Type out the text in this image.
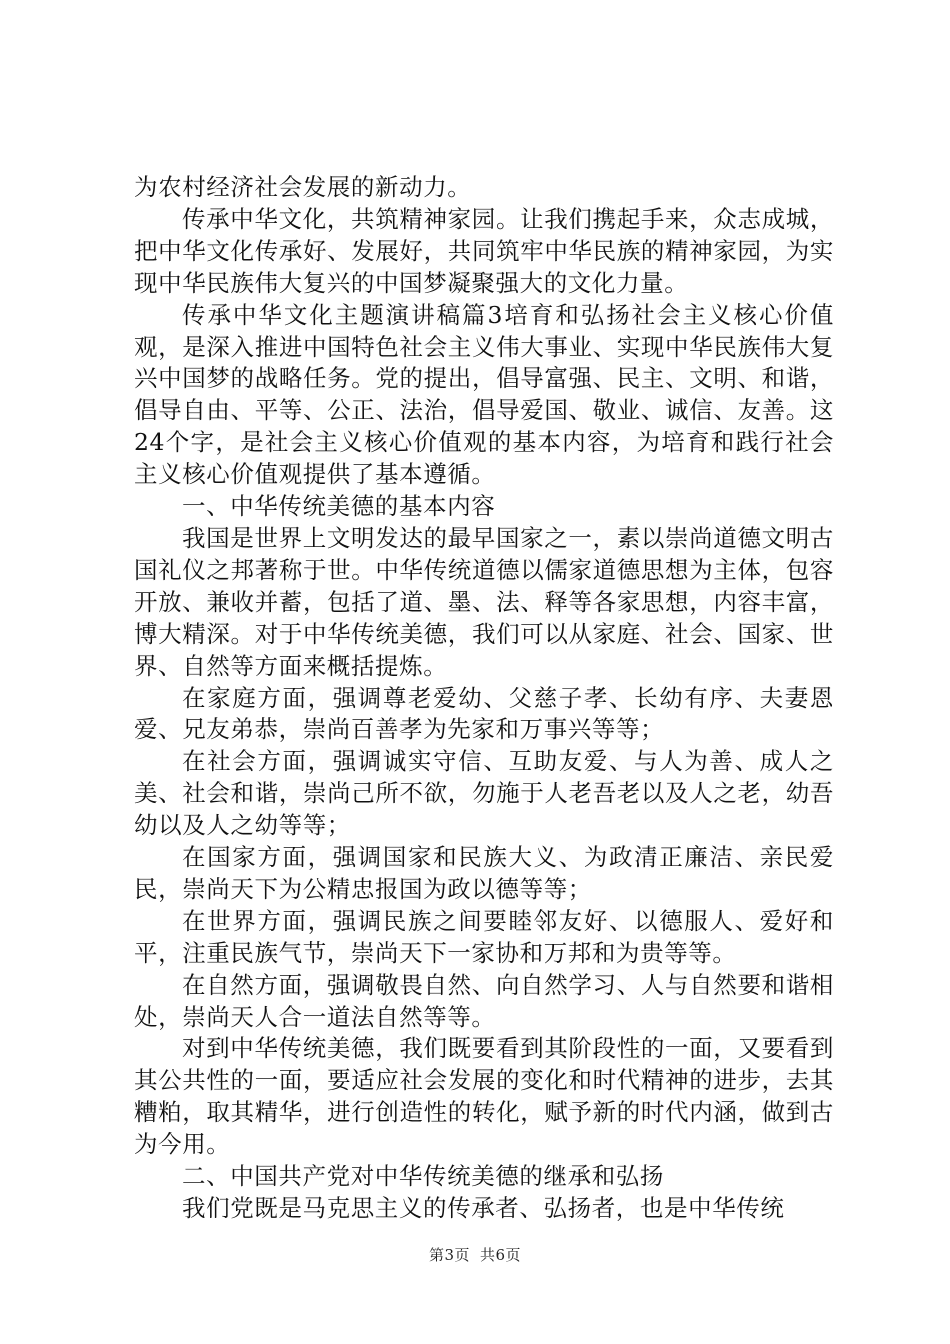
为农村经济社会发展的新动力。

传承中华文化，共筑精神家园。让我们携起手来，众志成城，把中华文化传承好、发展好，共同筑牢中华民族的精神家园，为实现中华民族伟大复兴的中国梦凝聚强大的文化力量。

传承中华文化主题演讲稿篇3培育和弘扬社会主义核心价值观，是深入推进中国特色社会主义伟大事业、实现中华民族伟大复兴中国梦的战略任务。党的提出，倡导富强、民主、文明、和谐，倡导自由、平等、公正、法治，倡导爱国、敬业、诚信、友善。这24个字，是社会主义核心价值观的基本内容，为培育和践行社会主义核心价值观提供了基本遵循。

一、中华传统美德的基本内容

我国是世界上文明发达的最早国家之一，素以崇尚道德文明古国礼仪之邦著称于世。中华传统道德以儒家道德思想为主体，包容开放、兼收并蓄，包括了道、墨、法、释等各家思想，内容丰富，博大精深。对于中华传统美德，我们可以从家庭、社会、国家、世界、自然等方面来概括提炼。

在家庭方面，强调尊老爱幼、父慈子孝、长幼有序、夫妻恩爱、兄友弟恭，崇尚百善孝为先家和万事兴等等；

在社会方面，强调诚实守信、互助友爱、与人为善、成人之美、社会和谐，崇尚己所不欲，勿施于人老吾老以及人之老，幼吾幼以及人之幼等等；

在国家方面，强调国家和民族大义、为政清正廉洁、亲民爱民，崇尚天下为公精忠报国为政以德等等；

在世界方面，强调民族之间要睦邻友好、以德服人、爱好和平，注重民族气节，崇尚天下一家协和万邦和为贵等等。

在自然方面，强调敬畏自然、向自然学习、人与自然要和谐相处，崇尚天人合一道法自然等等。

对到中华传统美德，我们既要看到其阶段性的一面，又要看到其公共性的一面，要适应社会发展的变化和时代精神的进步，去其糟粕，取其精华，进行创造性的转化，赋予新的时代内涵，做到古为今用。

二、中国共产党对中华传统美德的继承和弘扬

我们党既是马克思主义的传承者、弘扬者，也是中华传统

第3页 共6页
